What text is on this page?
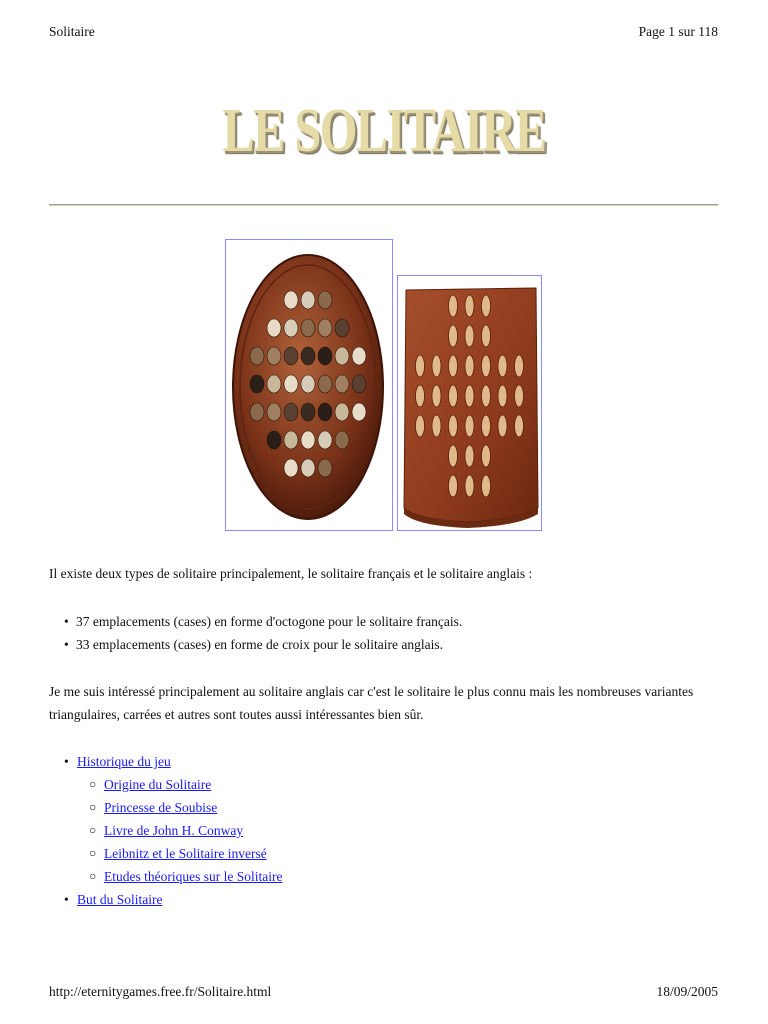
Solitaire	Page 1 sur 118
LE SOLITAIRE
Il existe deux types de solitaire principalement, le solitaire français et le solitaire anglais :
• 37 emplacements (cases) en forme d'octogone pour le solitaire français.
• 33 emplacements (cases) en forme de croix pour le solitaire anglais.
Je me suis intéressé principalement au solitaire anglais car c'est le solitaire le plus connu mais les nombreuses variantes triangulaires, carrées et autres sont toutes aussi intéressantes bien sûr.
• Historique du jeu
○ Origine du Solitaire
○ Princesse de Soubise
○ Livre de John H. Conway
○ Leibnitz et le Solitaire inversé
○ Etudes théoriques sur le Solitaire
• But du Solitaire
http://eternitygames.free.fr/Solitaire.html	18/09/2005
